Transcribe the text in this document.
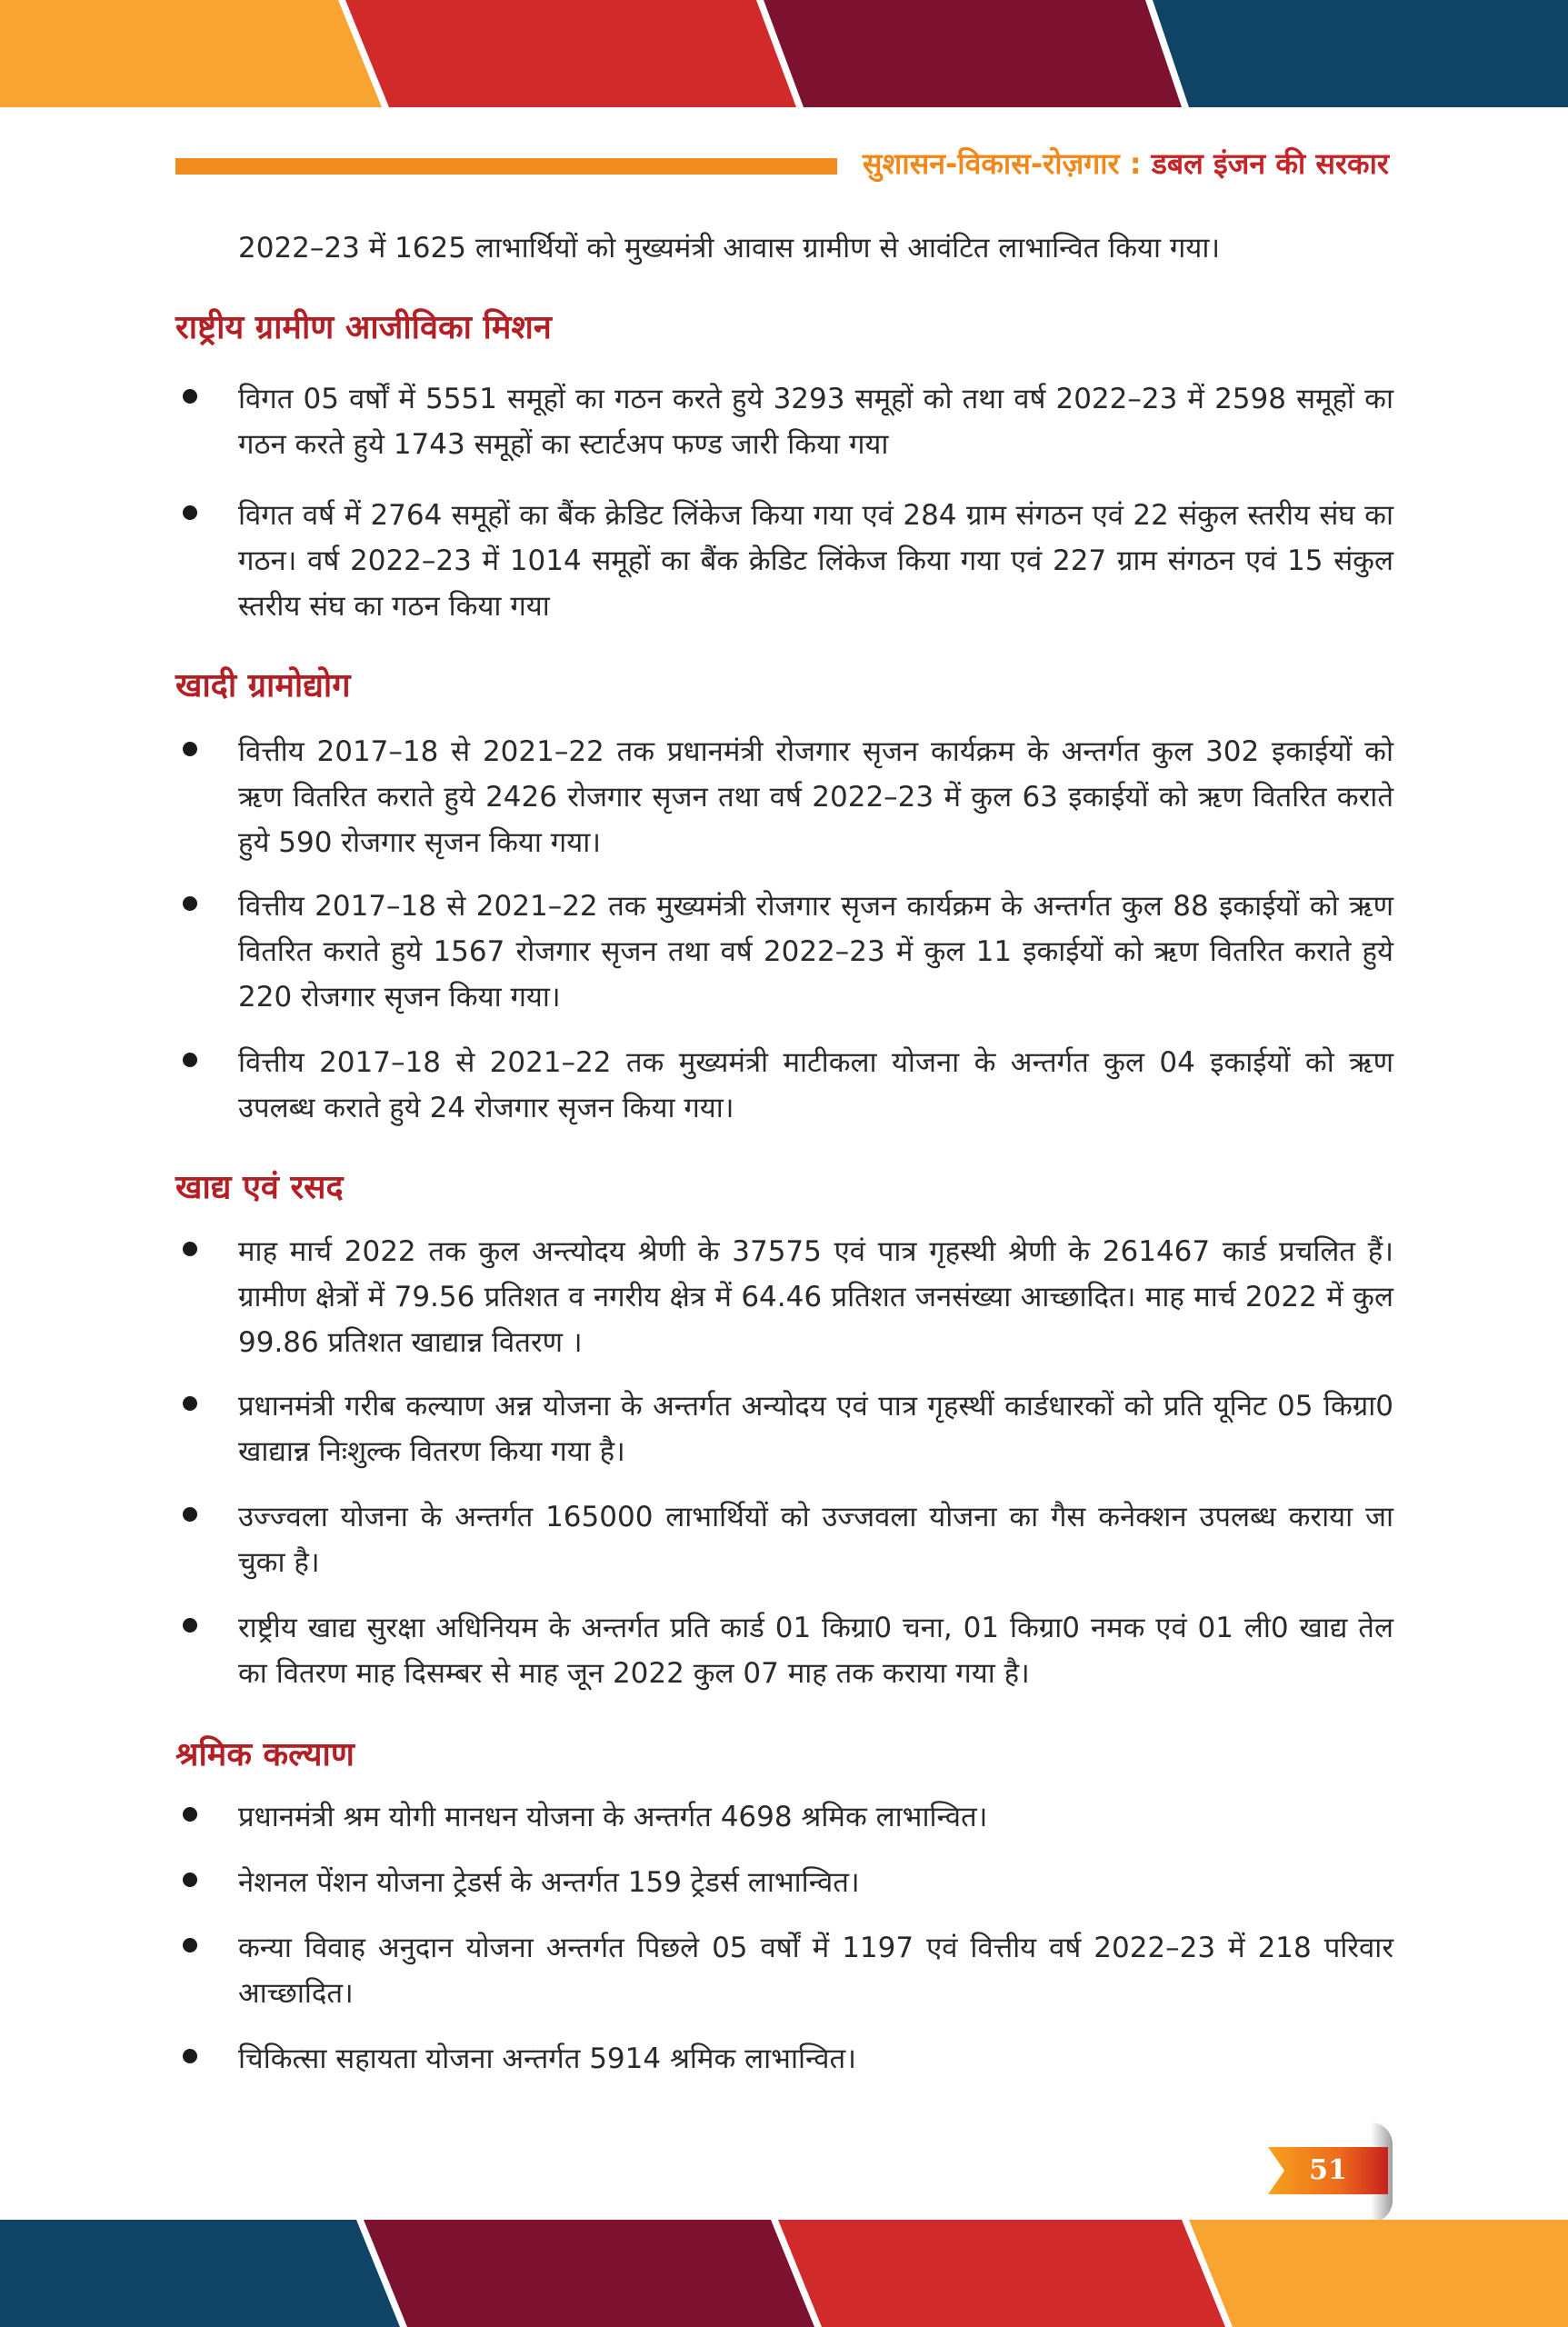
सुशासन-विकास-रोज़गार : डबल इंजन की सरकार
2022–23 में 1625 लाभार्थियों को मुख्यमंत्री आवास ग्रामीण से आवंटित लाभान्वित किया गया।
राष्ट्रीय ग्रामीण आजीविका मिशन
विगत 05 वर्षों में 5551 समूहों का गठन करते हुये 3293 समूहों को तथा वर्ष 2022–23 में 2598 समूहों का गठन करते हुये 1743 समूहों का स्टार्टअप फण्ड जारी किया गया
विगत वर्ष में 2764 समूहों का बैंक क्रेडिट लिंकेज किया गया एवं 284 ग्राम संगठन एवं 22 संकुल स्तरीय संघ का गठन। वर्ष 2022–23 में 1014 समूहों का बैंक क्रेडिट लिंकेज किया गया एवं 227 ग्राम संगठन एवं 15 संकुल स्तरीय संघ का गठन किया गया
खादी ग्रामोद्योग
वित्तीय 2017–18 से 2021–22 तक प्रधानमंत्री रोजगार सृजन कार्यक्रम के अन्तर्गत कुल 302 इकाईयों को ऋण वितरित कराते हुये 2426 रोजगार सृजन तथा वर्ष 2022–23 में कुल 63 इकाईयों को ऋण वितरित कराते हुये 590 रोजगार सृजन किया गया।
वित्तीय 2017–18 से 2021–22 तक मुख्यमंत्री रोजगार सृजन कार्यक्रम के अन्तर्गत कुल 88 इकाईयों को ऋण वितरित कराते हुये 1567 रोजगार सृजन तथा वर्ष 2022–23 में कुल 11 इकाईयों को ऋण वितरित कराते हुये 220 रोजगार सृजन किया गया।
वित्तीय 2017–18 से 2021–22 तक मुख्यमंत्री माटीकला योजना के अन्तर्गत कुल 04 इकाईयों को ऋण उपलब्ध कराते हुये 24 रोजगार सृजन किया गया।
खाद्य एवं रसद
माह मार्च 2022 तक कुल अन्त्योदय श्रेणी के 37575 एवं पात्र गृहस्थी श्रेणी के 261467 कार्ड प्रचलित हैं। ग्रामीण क्षेत्रों में 79.56 प्रतिशत व नगरीय क्षेत्र में 64.46 प्रतिशत जनसंख्या आच्छादित। माह मार्च 2022 में कुल 99.86 प्रतिशत खाद्यान्न वितरण ।
प्रधानमंत्री गरीब कल्याण अन्न योजना के अन्तर्गत अन्योदय एवं पात्र गृहस्थीं कार्डधारकों को प्रति यूनिट 05 किग्रा0 खाद्यान्न निःशुल्क वितरण किया गया है।
उज्ज्वला योजना के अन्तर्गत 165000 लाभार्थियों को उज्जवला योजना का गैस कनेक्शन उपलब्ध कराया जा चुका है।
राष्ट्रीय खाद्य सुरक्षा अधिनियम के अन्तर्गत प्रति कार्ड 01 किग्रा0 चना, 01 किग्रा0 नमक एवं 01 ली0 खाद्य तेल का वितरण माह दिसम्बर से माह जून 2022 कुल 07 माह तक कराया गया है।
श्रमिक कल्याण
प्रधानमंत्री श्रम योगी मानधन योजना के अन्तर्गत 4698 श्रमिक लाभान्वित।
नेशनल पेंशन योजना ट्रेडर्स के अन्तर्गत 159 ट्रेडर्स लाभान्वित।
कन्या विवाह अनुदान योजना अन्तर्गत पिछले 05 वर्षों में 1197 एवं वित्तीय वर्ष 2022–23 में 218 परिवार आच्छादित।
चिकित्सा सहायता योजना अन्तर्गत 5914 श्रमिक लाभान्वित।
51
